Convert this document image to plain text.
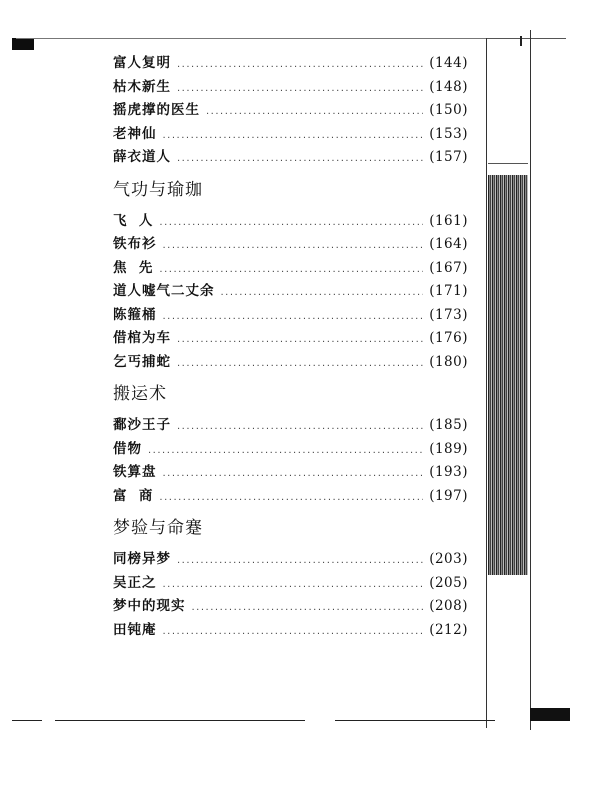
富人复明 .....	(144)
枯木新生 .....	(148)
摇虎撑的医生 .....	(150)
老神仙 .....	(153)
薛衣道人 .....	(157)
气功与瑜珈
飞  人 .....	(161)
铁布衫 .....	(164)
焦  先 .....	(167)
道人嘘气二丈余 .....	(171)
陈箍桶 .....	(173)
借棺为车 .....	(176)
乞丐捕蛇 .....	(180)
搬运术
鄱沙王子 .....	(185)
借物 .....	(189)
铁算盘 .....	(193)
富  商 .....	(197)
梦验与命蹇
同榜异梦 .....	(203)
吴正之 .....	(205)
梦中的现实 .....	(208)
田钝庵 .....	(212)
